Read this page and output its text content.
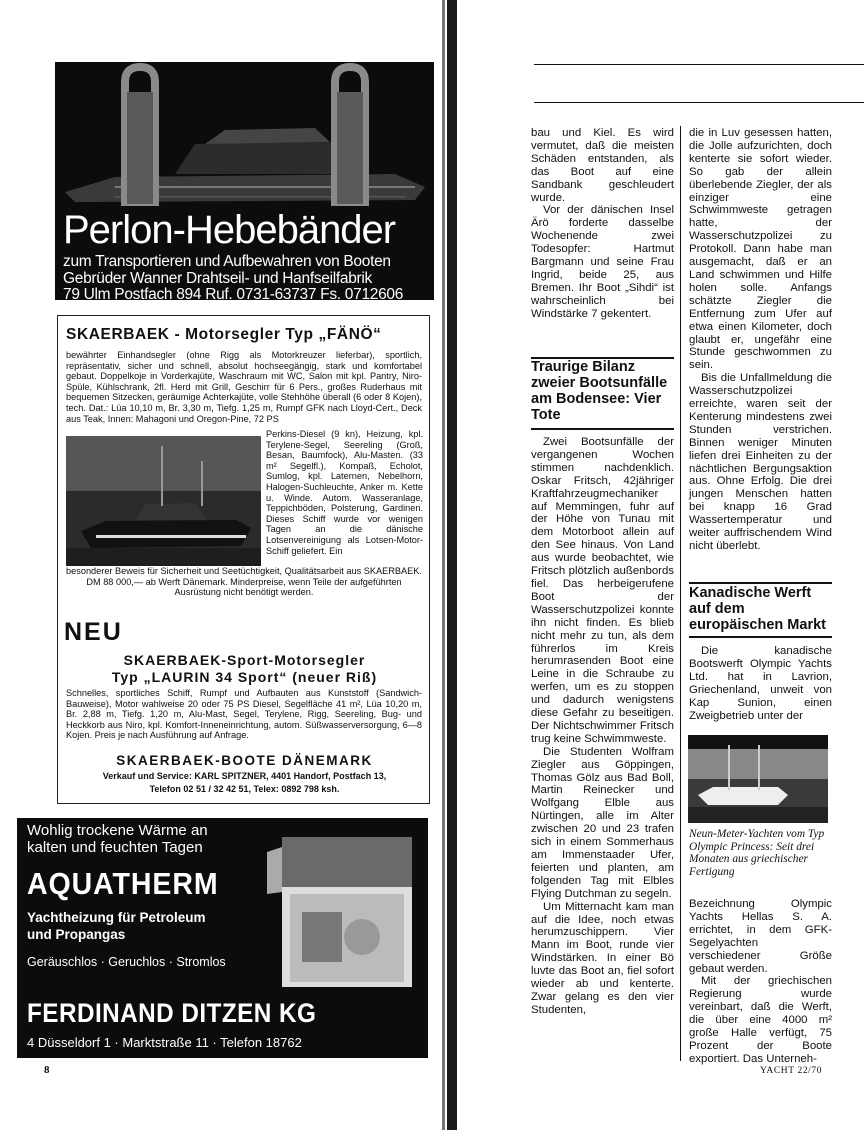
Perlon-Hebebänder
zum Transportieren und Aufbewahren von Booten
Gebrüder Wanner Drahtseil- und Hanfseilfabrik
79 Ulm Postfach 894 Ruf. 0731-63737 Fs. 0712606
SKAERBAEK - Motorsegler Typ „FÄNÖ“
bewährter Einhandsegler (ohne Rigg als Motorkreuzer lieferbar), sportlich, repräsentativ, sicher und schnell, absolut hochseegängig, stark und komfortabel gebaut. Doppelkoje in Vorderkajüte, Waschraum mit WC, Salon mit kpl. Pantry, Niro-Spüle, Kühlschrank, 2fl. Herd mit Grill, Geschirr für 6 Pers., großes Ruderhaus mit bequemen Sitzecken, geräumige Achterkajüte, volle Stehhöhe überall (6 oder 8 Kojen), tech. Dat.: Lüa 10,10 m, Br. 3,30 m, Tiefg. 1,25 m, Rumpf GFK nach Lloyd-Cert., Deck aus Teak, Innen: Mahagoni und Oregon-Pine, 72 PS
Perkins-Diesel (9 kn), Heizung, kpl. Terylene-Segel, Seereling (Groß, Besan, Baumfock), Alu-Masten. (33 m² Segelfl.), Kompaß, Echolot, Sumlog, kpl. Laternen, Nebelhorn, Halogen-Suchleuchte, Anker m. Kette u. Winde. Autom. Wasseranlage, Teppichböden, Polsterung, Gardinen. Dieses Schiff wurde vor wenigen Tagen an die dänische Lotsenvereinigung als Lotsen-Motor-Schiff geliefert. Ein
besonderer Beweis für Sicherheit und Seetüchtigkeit, Qualitätsarbeit aus SKAERBAEK. DM 88 000,— ab Werft Dänemark. Minderpreise, wenn Teile der aufgeführten Ausrüstung nicht benötigt werden.
NEU
SKAERBAEK-Sport-Motorsegler
Typ „LAURIN 34 Sport“ (neuer Riß)
Schnelles, sportliches Schiff, Rumpf und Aufbauten aus Kunststoff (Sandwich-Bauweise), Motor wahlweise 20 oder 75 PS Diesel, Segelfläche 41 m², Lüa 10,20 m, Br. 2,88 m, Tiefg. 1,20 m, Alu-Mast, Segel, Terylene, Rigg, Seereling, Bug- und Heckkorb aus Niro, kpl. Komfort-Inneneinrichtung, autom. Süßwasserversorgung, 6—8 Kojen. Preis je nach Ausführung auf Anfrage.
SKAERBAEK-BOOTE DÄNEMARK
Verkauf und Service: KARL SPITZNER, 4401 Handorf, Postfach 13,
Telefon 02 51 / 32 42 51, Telex: 0892 798 ksh.
Wohlig trockene Wärme an
kalten und feuchten Tagen
AQUATHERM
Yachtheizung für Petroleum
und Propangas
Geräuschlos · Geruchlos · Stromlos
FERDINAND DITZEN KG
4 Düsseldorf 1 · Marktstraße 11 · Telefon 18762

bau und Kiel. Es wird vermutet, daß die meisten Schäden entstanden, als das Boot auf eine Sandbank geschleudert wurde.

Vor der dänischen Insel Ärö forderte dasselbe Wochenende zwei Todesopfer: Hartmut Bargmann und seine Frau Ingrid, beide 25, aus Bremen. Ihr Boot „Sihdi“ ist wahrscheinlich bei Windstärke 7 gekentert.

Traurige Bilanz zweier Bootsunfälle am Bodensee: Vier Tote

Zwei Bootsunfälle der vergangenen Wochen stimmen nachdenklich. Oskar Fritsch, 42jähriger Kraftfahrzeugmechaniker auf Memmingen, fuhr auf der Höhe von Tunau mit dem Motorboot allein auf den See hinaus. Von Land aus wurde beobachtet, wie Fritsch plötzlich außenbords fiel. Das herbeigerufene Boot der Wasserschutzpolizei konnte ihn nicht finden. Es blieb nicht mehr zu tun, als dem führerlos im Kreis herumrasenden Boot eine Leine in die Schraube zu werfen, um es zu stoppen und dadurch wenigstens diese Gefahr zu beseitigen. Der Nichtschwimmer Fritsch trug keine Schwimmweste.

Die Studenten Wolfram Ziegler aus Göppingen, Thomas Gölz aus Bad Boll, Martin Reinecker und Wolfgang Elble aus Nürtingen, alle im Alter zwischen 20 und 23 trafen sich in einem Sommerhaus am Immenstaader Ufer, feierten und planten, am folgenden Tag mit Elbles Flying Dutchman zu segeln.

Um Mitternacht kam man auf die Idee, noch etwas herumzuschippern. Vier Mann im Boot, runde vier Windstärken. In einer Bö luvte das Boot an, fiel sofort wieder ab und kenterte. Zwar gelang es den vier Studenten,

die in Luv gesessen hatten, die Jolle aufzurichten, doch kenterte sie sofort wieder. So gab der allein überlebende Ziegler, der als einziger eine Schwimmweste getragen hatte, der Wasserschutzpolizei zu Protokoll. Dann habe man ausgemacht, daß er an Land schwimmen und Hilfe holen solle. Anfangs schätzte Ziegler die Entfernung zum Ufer auf etwa einen Kilometer, doch glaubt er, ungefähr eine Stunde geschwommen zu sein.

Bis die Unfallmeldung die Wasserschutzpolizei erreichte, waren seit der Kenterung mindestens zwei Stunden verstrichen. Binnen weniger Minuten liefen drei Einheiten zu der nächtlichen Bergungsaktion aus. Ohne Erfolg. Die drei jungen Menschen hatten bei knapp 16 Grad Wassertemperatur und weiter auffrischendem Wind nicht überlebt.

Kanadische Werft auf dem europäischen Markt

Die kanadische Bootswerft Olympic Yachts Ltd. hat in Lavrion, Griechenland, unweit von Kap Sunion, einen Zweigbetrieb unter der

Neun-Meter-Yachten vom Typ Olympic Princess: Seit drei Monaten aus griechischer Fertigung

Bezeichnung Olympic Yachts Hellas S. A. errichtet, in dem GFK-Segelyachten verschiedener Größe gebaut werden.

Mit der griechischen Regierung wurde vereinbart, daß die Werft, die über eine 4000 m² große Halle verfügt, 75 Prozent der Boote exportiert. Das Unterneh-

8	YACHT 22/70
